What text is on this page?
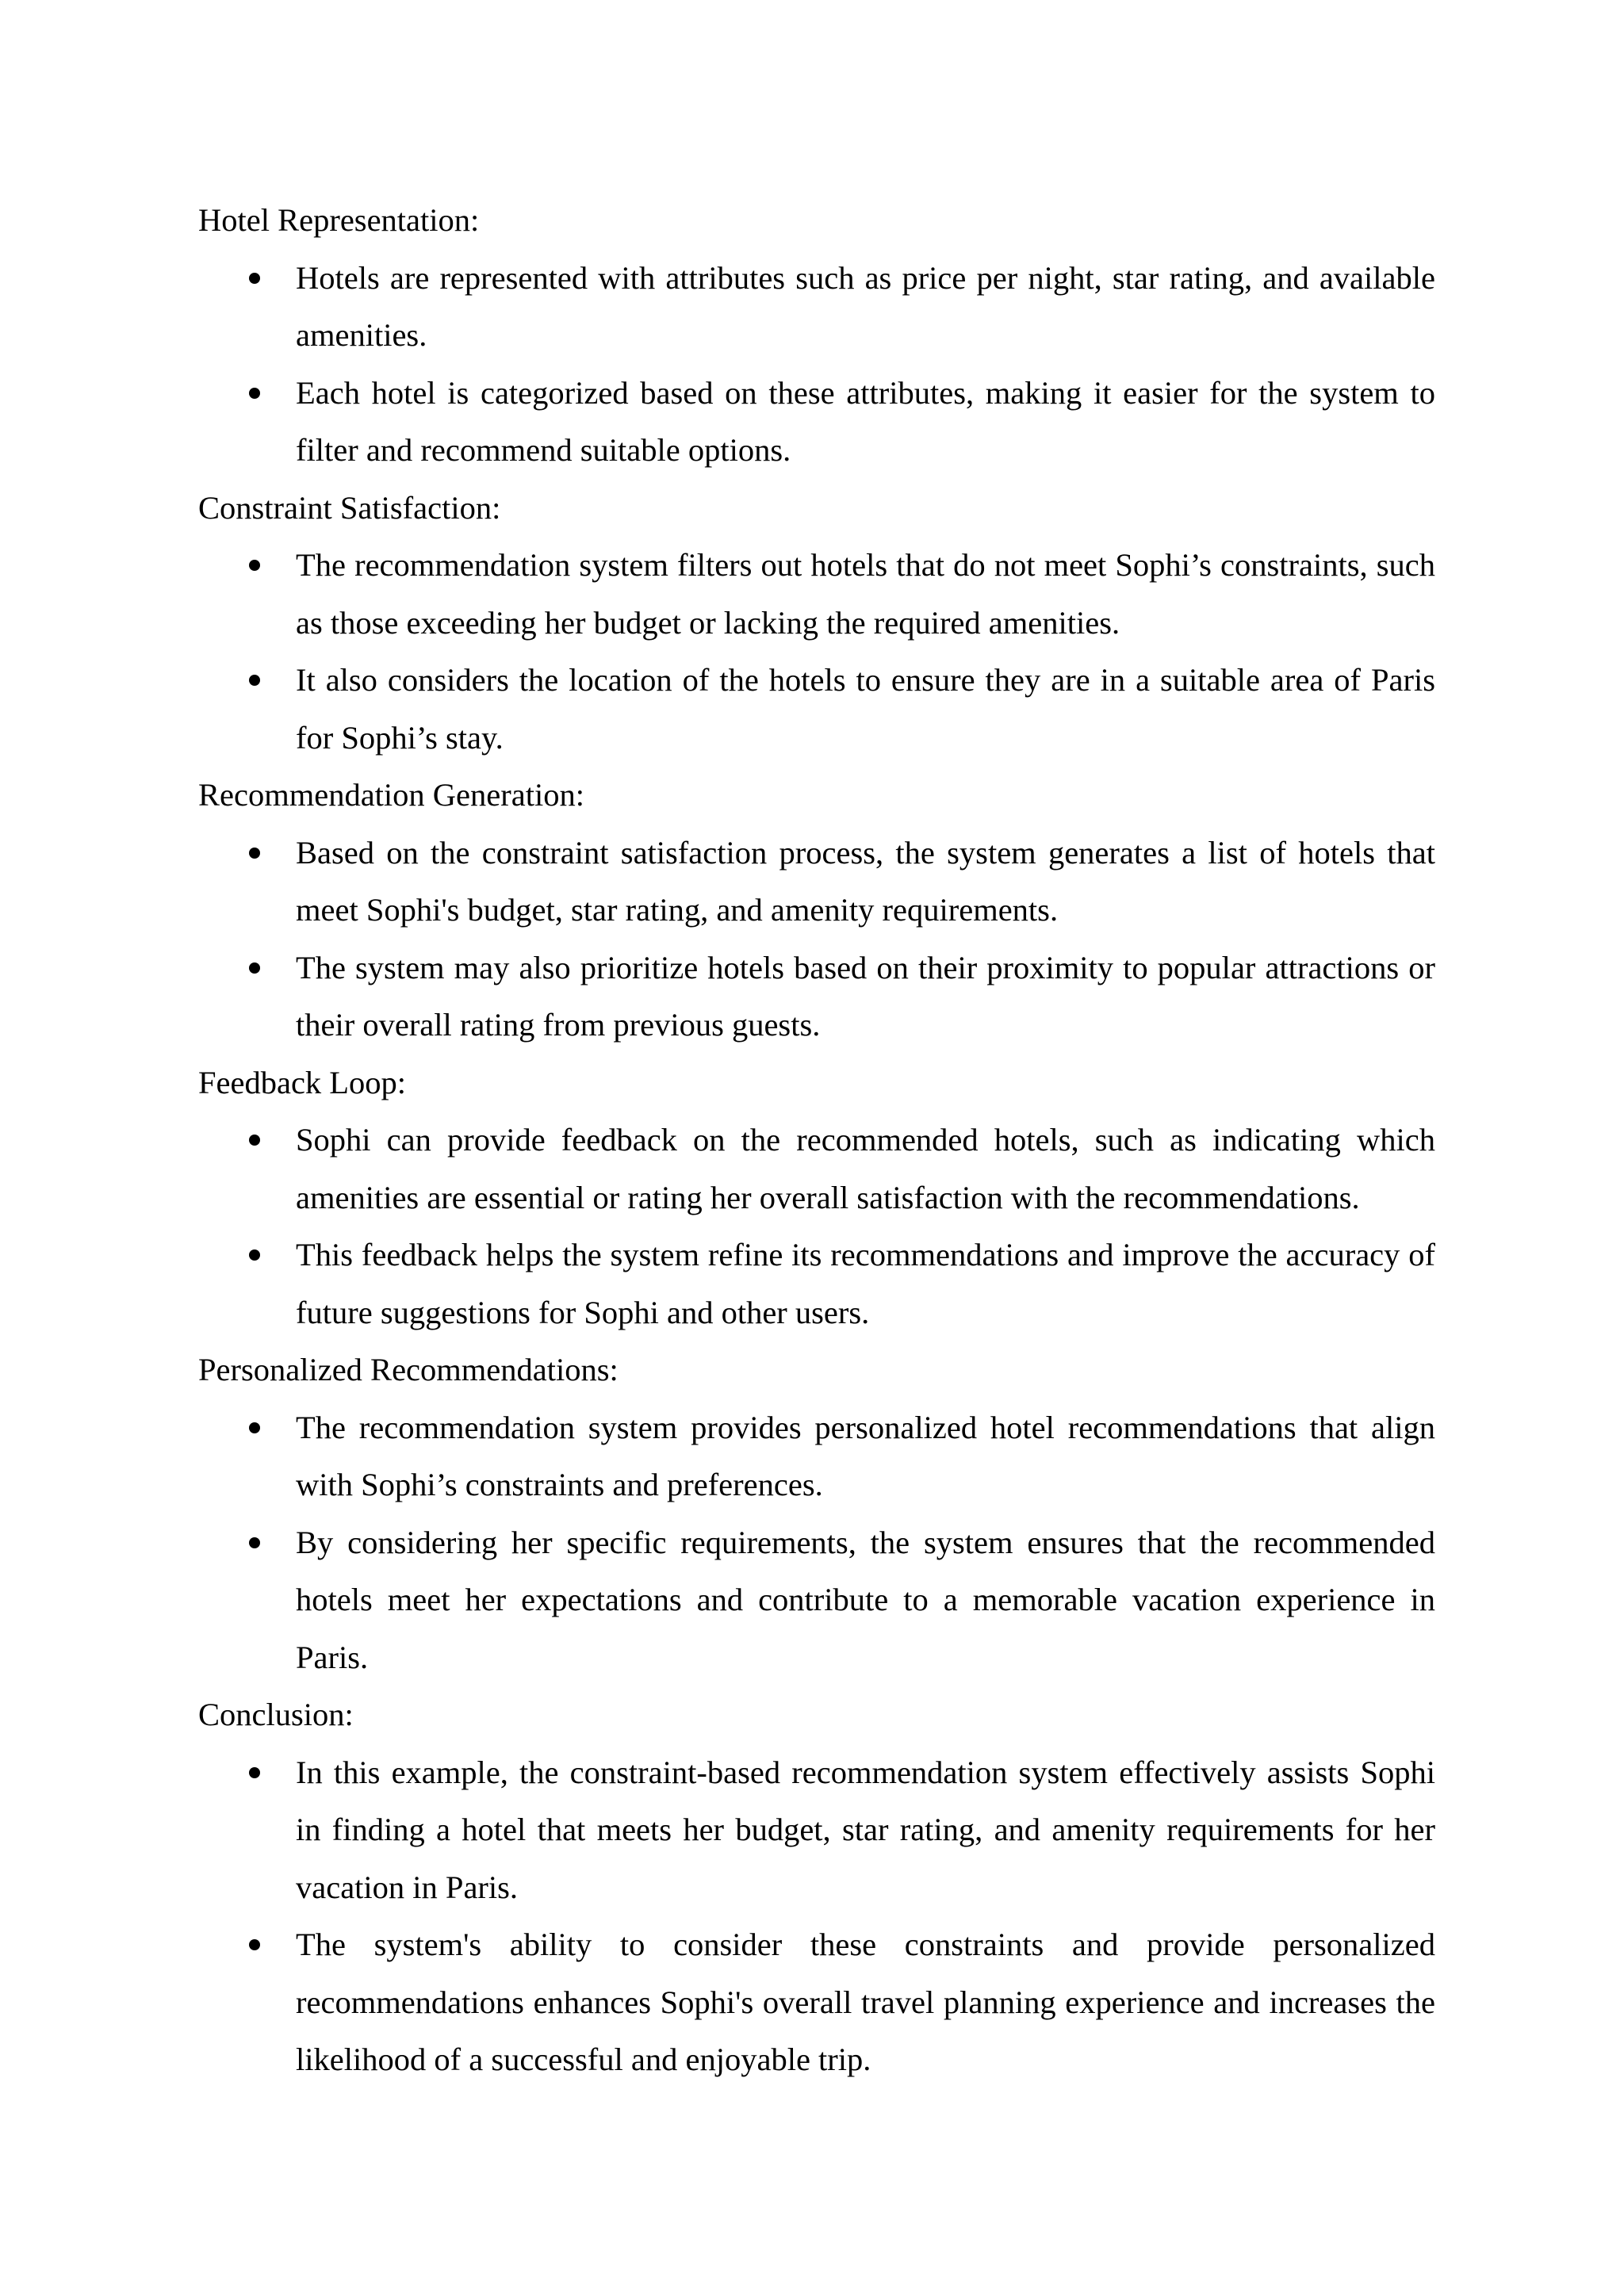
Hotel Representation:
Hotels are represented with attributes such as price per night, star rating, and available amenities.
Each hotel is categorized based on these attributes, making it easier for the system to filter and recommend suitable options.
Constraint Satisfaction:
The recommendation system filters out hotels that do not meet Sophi’s constraints, such as those exceeding her budget or lacking the required amenities.
It also considers the location of the hotels to ensure they are in a suitable area of Paris for Sophi’s stay.
Recommendation Generation:
Based on the constraint satisfaction process, the system generates a list of hotels that meet Sophi's budget, star rating, and amenity requirements.
The system may also prioritize hotels based on their proximity to popular attractions or their overall rating from previous guests.
Feedback Loop:
Sophi can provide feedback on the recommended hotels, such as indicating which amenities are essential or rating her overall satisfaction with the recommendations.
This feedback helps the system refine its recommendations and improve the accuracy of future suggestions for Sophi and other users.
Personalized Recommendations:
The recommendation system provides personalized hotel recommendations that align with Sophi’s constraints and preferences.
By considering her specific requirements, the system ensures that the recommended hotels meet her expectations and contribute to a memorable vacation experience in Paris.
Conclusion:
In this example, the constraint-based recommendation system effectively assists Sophi in finding a hotel that meets her budget, star rating, and amenity requirements for her vacation in Paris.
The system's ability to consider these constraints and provide personalized recommendations enhances Sophi's overall travel planning experience and increases the likelihood of a successful and enjoyable trip.
